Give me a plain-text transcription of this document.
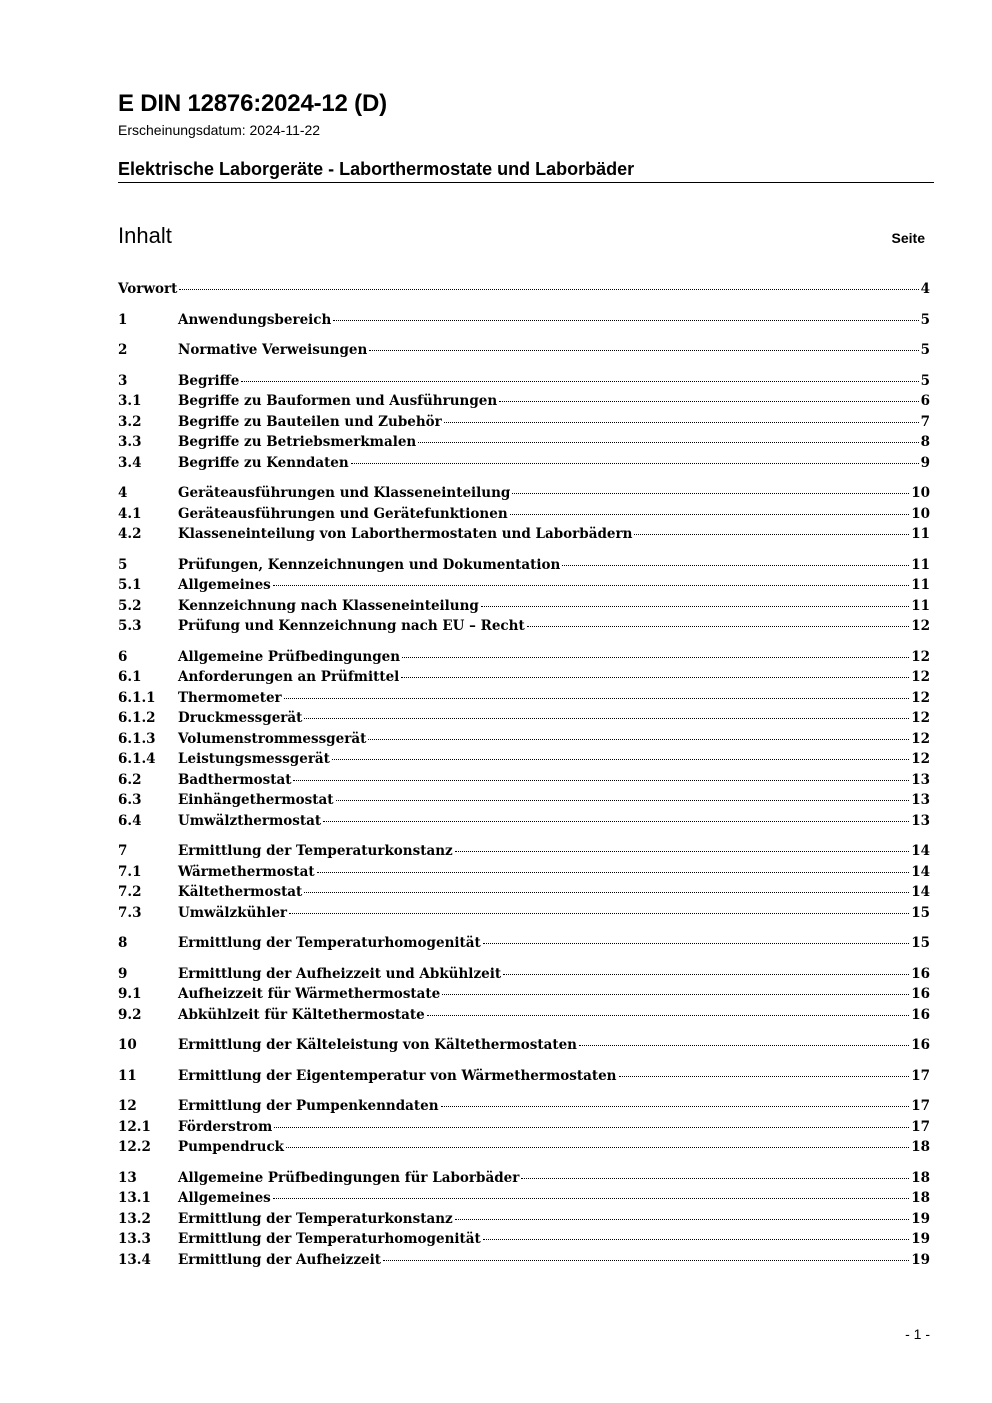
E DIN 12876:2024-12 (D)
Erscheinungsdatum: 2024-11-22
Elektrische Laborgeräte - Laborthermostate und Laborbäder
Inhalt	Seite
Vorwort	4
1	Anwendungsbereich	5
2	Normative Verweisungen	5
3	Begriffe	5
3.1	Begriffe zu Bauformen und Ausführungen	6
3.2	Begriffe zu Bauteilen und Zubehör	7
3.3	Begriffe zu Betriebsmerkmalen	8
3.4	Begriffe zu Kenndaten	9
4	Geräteausführungen und Klasseneinteilung	10
4.1	Geräteausführungen und Gerätefunktionen	10
4.2	Klasseneinteilung von Laborthermostaten und Laborbädern	11
5	Prüfungen, Kennzeichnungen und Dokumentation	11
5.1	Allgemeines	11
5.2	Kennzeichnung nach Klasseneinteilung	11
5.3	Prüfung und Kennzeichnung nach EU – Recht	12
6	Allgemeine Prüfbedingungen	12
6.1	Anforderungen an Prüfmittel	12
6.1.1	Thermometer	12
6.1.2	Druckmessgerät	12
6.1.3	Volumenstrommessgerät	12
6.1.4	Leistungsmessgerät	12
6.2	Badthermostat	13
6.3	Einhängethermostat	13
6.4	Umwälzthermostat	13
7	Ermittlung der Temperaturkonstanz	14
7.1	Wärmethermostat	14
7.2	Kältethermostat	14
7.3	Umwälzkühler	15
8	Ermittlung der Temperaturhomogenität	15
9	Ermittlung der Aufheizzeit und Abkühlzeit	16
9.1	Aufheizzeit für Wärmethermostate	16
9.2	Abkühlzeit für Kältethermostate	16
10	Ermittlung der Kälteleistung von Kältethermostaten	16
11	Ermittlung der Eigentemperatur von Wärmethermostaten	17
12	Ermittlung der Pumpenkenndaten	17
12.1	Förderstrom	17
12.2	Pumpendruck	18
13	Allgemeine Prüfbedingungen für Laborbäder	18
13.1	Allgemeines	18
13.2	Ermittlung der Temperaturkonstanz	19
13.3	Ermittlung der Temperaturhomogenität	19
13.4	Ermittlung der Aufheizzeit	19
- 1 -
